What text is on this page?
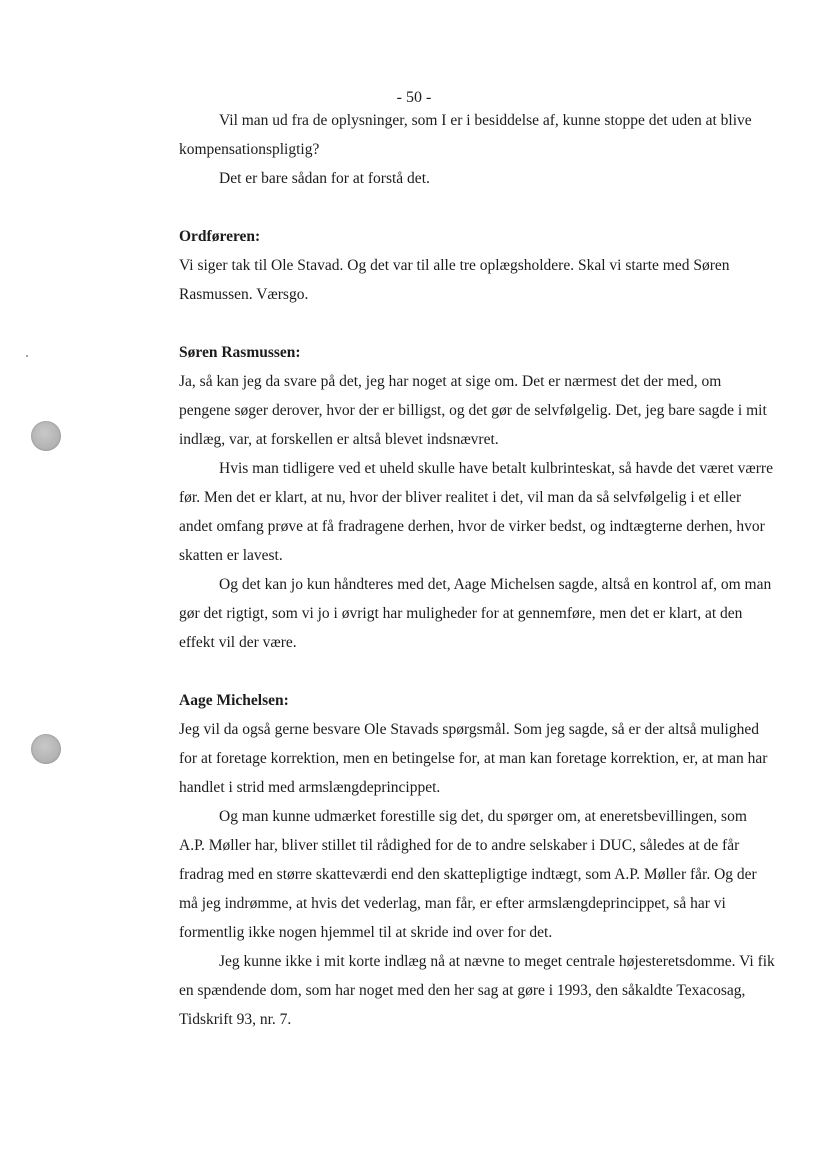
- 50 -

Vil man ud fra de oplysninger, som I er i besiddelse af, kunne stoppe det uden at blive kompensationspligtig?

Det er bare sådan for at forstå det.

Ordføreren:

Vi siger tak til Ole Stavad. Og det var til alle tre oplægsholdere. Skal vi starte med Søren Rasmussen. Værsgo.

Søren Rasmussen:

Ja, så kan jeg da svare på det, jeg har noget at sige om. Det er nærmest det der med, om pengene søger derover, hvor der er billigst, og det gør de selvfølgelig. Det, jeg bare sagde i mit indlæg, var, at forskellen er altså blevet indsnævret.

Hvis man tidligere ved et uheld skulle have betalt kulbrinteskat, så havde det været værre før. Men det er klart, at nu, hvor der bliver realitet i det, vil man da så selvfølgelig i et eller andet omfang prøve at få fradragene derhen, hvor de virker bedst, og indtægterne derhen, hvor skatten er lavest.

Og det kan jo kun håndteres med det, Aage Michelsen sagde, altså en kontrol af, om man gør det rigtigt, som vi jo i øvrigt har muligheder for at gennemføre, men det er klart, at den effekt vil der være.

Aage Michelsen:

Jeg vil da også gerne besvare Ole Stavads spørgsmål. Som jeg sagde, så er der altså mulighed for at foretage korrektion, men en betingelse for, at man kan foretage korrektion, er, at man har handlet i strid med armslængdeprincippet.

Og man kunne udmærket forestille sig det, du spørger om, at eneretsbevillingen, som A.P. Møller har, bliver stillet til rådighed for de to andre selskaber i DUC, således at de får fradrag med en større skatteværdi end den skattepligtige indtægt, som A.P. Møller får. Og der må jeg indrømme, at hvis det vederlag, man får, er efter armslængdeprincippet, så har vi formentlig ikke nogen hjemmel til at skride ind over for det.

Jeg kunne ikke i mit korte indlæg nå at nævne to meget centrale højesteretsdomme. Vi fik en spændende dom, som har noget med den her sag at gøre i 1993, den såkaldte Texacosag, Tidskrift 93, nr. 7.
